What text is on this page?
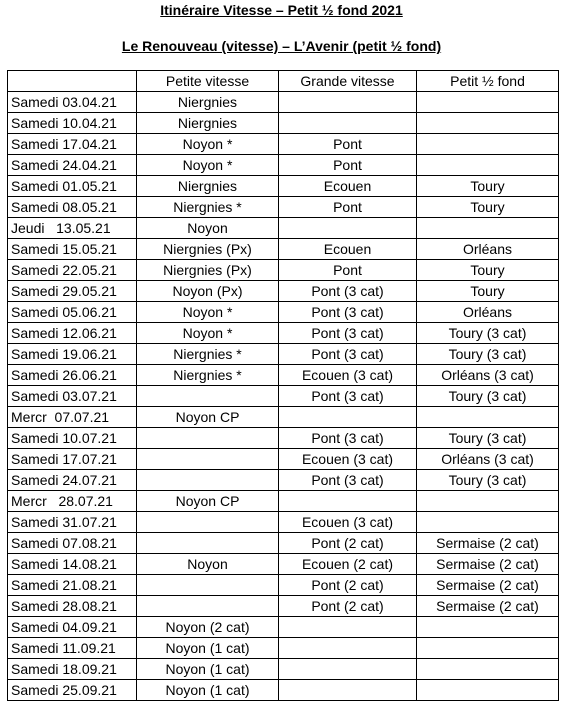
Itinéraire Vitesse – Petit ½ fond 2021
Le Renouveau (vitesse) – L’Avenir (petit ½ fond)
	Petite vitesse	Grande vitesse	Petit ½ fond
Samedi 03.04.21	Niergnies		
Samedi 10.04.21	Niergnies		
Samedi 17.04.21	Noyon *	Pont	
Samedi 24.04.21	Noyon *	Pont	
Samedi 01.05.21	Niergnies	Ecouen	Toury
Samedi 08.05.21	Niergnies *	Pont	Toury
Jeudi   13.05.21	Noyon		
Samedi 15.05.21	Niergnies (Px)	Ecouen	Orléans
Samedi 22.05.21	Niergnies (Px)	Pont	Toury
Samedi 29.05.21	Noyon (Px)	Pont (3 cat)	Toury
Samedi 05.06.21	Noyon *	Pont (3 cat)	Orléans
Samedi 12.06.21	Noyon *	Pont (3 cat)	Toury (3 cat)
Samedi 19.06.21	Niergnies *	Pont (3 cat)	Toury (3 cat)
Samedi 26.06.21	Niergnies *	Ecouen (3 cat)	Orléans (3 cat)
Samedi 03.07.21		Pont (3 cat)	Toury (3 cat)
Mercr  07.07.21	Noyon CP		
Samedi 10.07.21		Pont (3 cat)	Toury (3 cat)
Samedi 17.07.21		Ecouen (3 cat)	Orléans (3 cat)
Samedi 24.07.21		Pont (3 cat)	Toury (3 cat)
Mercr   28.07.21	Noyon CP		
Samedi 31.07.21		Ecouen (3 cat)	
Samedi 07.08.21		Pont (2 cat)	Sermaise (2 cat)
Samedi 14.08.21	Noyon	Ecouen (2 cat)	Sermaise (2 cat)
Samedi 21.08.21		Pont (2 cat)	Sermaise (2 cat)
Samedi 28.08.21		Pont (2 cat)	Sermaise (2 cat)
Samedi 04.09.21	Noyon (2 cat)		
Samedi 11.09.21	Noyon (1 cat)		
Samedi 18.09.21	Noyon (1 cat)		
Samedi 25.09.21	Noyon (1 cat)		
